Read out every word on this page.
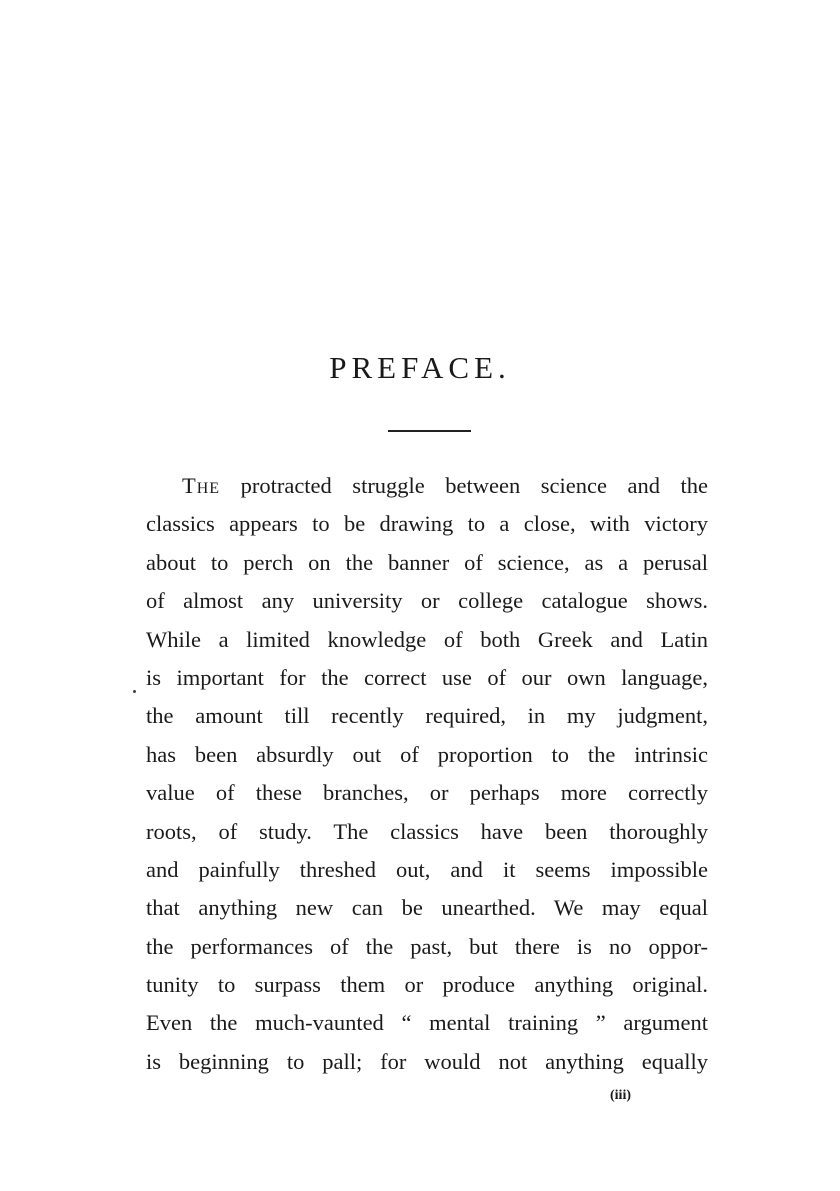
PREFACE.
The protracted struggle between science and the
classics appears to be drawing to a close, with victory
about to perch on the banner of science, as a perusal
of almost any university or college catalogue shows.
While a limited knowledge of both Greek and Latin
is important for the correct use of our own language,
the amount till recently required, in my judgment,
has been absurdly out of proportion to the intrinsic
value of these branches, or perhaps more correctly
roots, of study. The classics have been thoroughly
and painfully threshed out, and it seems impossible
that anything new can be unearthed. We may equal
the performances of the past, but there is no oppor-
tunity to surpass them or produce anything original.
Even the much-vaunted “ mental training ” argument
is beginning to pall; for would not anything equally
(iii)
